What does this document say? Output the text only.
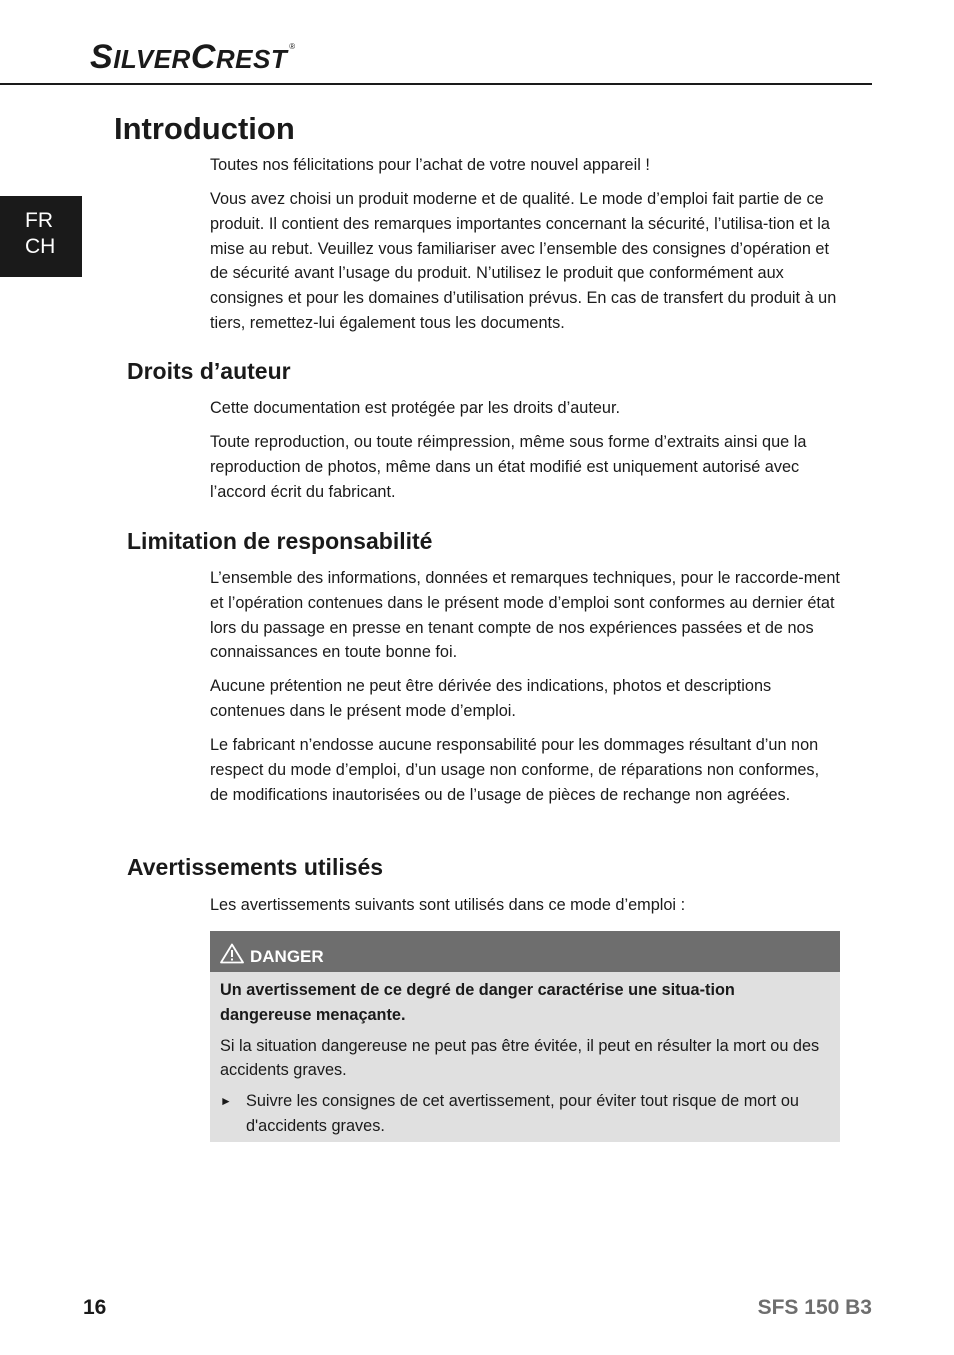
SILVERCREST ®
FR
CH
Introduction

Toutes nos félicitations pour l’achat de votre nouvel appareil !

Vous avez choisi un produit moderne et de qualité. Le mode d’emploi fait partie de ce produit. Il contient des remarques importantes concernant la sécurité, l’utilisa-tion et la mise au rebut. Veuillez vous familiariser avec l’ensemble des consignes d’opération et de sécurité avant l’usage du produit. N’utilisez le produit que conformément aux consignes et pour les domaines d’utilisation prévus. En cas de transfert du produit à un tiers, remettez-lui également tous les documents.

Droits d’auteur

Cette documentation est protégée par les droits d’auteur.

Toute reproduction, ou toute réimpression, même sous forme d’extraits ainsi que la reproduction de photos, même dans un état modifié est uniquement autorisé avec l’accord écrit du fabricant.

Limitation de responsabilité

L’ensemble des informations, données et remarques techniques, pour le raccorde-ment et l’opération contenues dans le présent mode d’emploi sont conformes au dernier état lors du passage en presse en tenant compte de nos expériences passées et de nos connaissances en toute bonne foi.

Aucune prétention ne peut être dérivée des indications, photos et descriptions contenues dans le présent mode d’emploi.

Le fabricant n’endosse aucune responsabilité pour les dommages résultant d’un non respect du mode d’emploi, d’un usage non conforme, de réparations non conformes, de modifications inautorisées ou de l’usage de pièces de rechange non agréées.

Avertissements utilisés

Les avertissements suivants sont utilisés dans ce mode d’emploi :

DANGER

Un avertissement de ce degré de danger caractérise une situa-tion dangereuse menaçante.

Si la situation dangereuse ne peut pas être évitée, il peut en résulter la mort ou des accidents graves.

► Suivre les consignes de cet avertissement, pour éviter tout risque de mort ou d'accidents graves.
16	SFS 150 B3
